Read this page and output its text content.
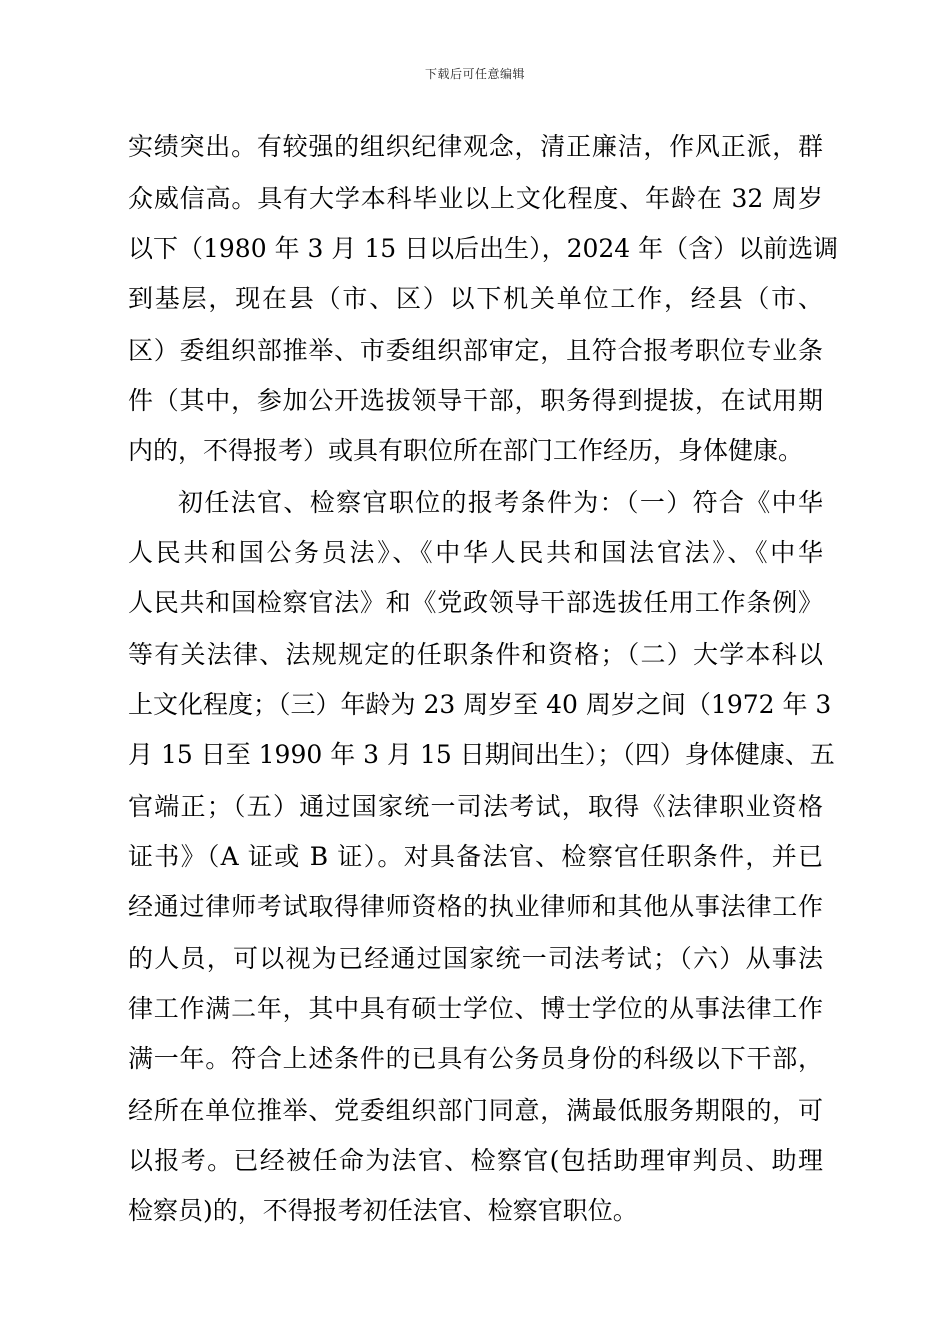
下载后可任意编辑
实绩突出。有较强的组织纪律观念，清正廉洁，作风正派，群
众威信高。具有大学本科毕业以上文化程度、年龄在 32 周岁
以下（1980 年 3 月 15 日以后出生），2024 年（含）以前选调
到基层，现在县（市、区）以下机关单位工作，经县（市、
区）委组织部推举、市委组织部审定，且符合报考职位专业条
件（其中，参加公开选拔领导干部，职务得到提拔，在试用期
内的，不得报考）或具有职位所在部门工作经历，身体健康。
初任法官、检察官职位的报考条件为：（一）符合《中华
人民共和国公务员法》、《中华人民共和国法官法》、《中华
人民共和国检察官法》和《党政领导干部选拔任用工作条例》
等有关法律、法规规定的任职条件和资格；（二）大学本科以
上文化程度；（三）年龄为 23 周岁至 40 周岁之间（1972 年 3
月 15 日至 1990 年 3 月 15 日期间出生）；（四）身体健康、五
官端正；（五）通过国家统一司法考试，取得《法律职业资格
证书》（A 证或 B 证）。对具备法官、检察官任职条件，并已
经通过律师考试取得律师资格的执业律师和其他从事法律工作
的人员，可以视为已经通过国家统一司法考试；（六）从事法
律工作满二年，其中具有硕士学位、博士学位的从事法律工作
满一年。符合上述条件的已具有公务员身份的科级以下干部，
经所在单位推举、党委组织部门同意，满最低服务期限的，可
以报考。已经被任命为法官、检察官(包括助理审判员、助理
检察员)的，不得报考初任法官、检察官职位。
